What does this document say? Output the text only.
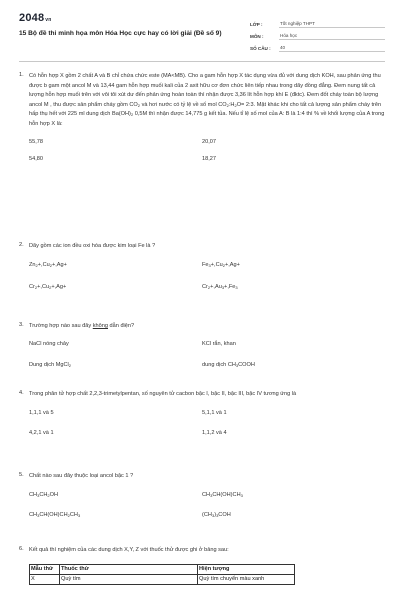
2048vn
15 Bộ đề thi minh họa môn Hóa Học cực hay có lời giải (Đề số 9)
LỚP :	Tốt nghiệp THPT
MÔN :	Hóa học
SỐ CÂU :	40
1. Có hỗn hợp X gồm 2 chất A và B chỉ chứa chức este (MA<MB). Cho a gam hỗn hợp X tác dụng vừa đủ với dung dịch KOH, sau phản ứng thu được b gam một ancol M và 13,44 gam hỗn hợp muối kali của 2 axit hữu cơ đơn chức liên tiếp nhau trong dãy đồng đẳng. Đem nung tất cả lượng hỗn hợp muối trên với vôi tôi xút dư đến phản ứng hoàn toàn thì nhận được 3,36 lít hỗn hợp khí E (đktc). Đem đốt cháy toàn bộ lượng ancol M , thu được sản phẩm cháy gồm $CO_2$ và hơi nước có tỷ lệ về số mol $CO_2:H_2O=$ 2:3. Mặt khác khi cho tất cả lượng sản phẩm cháy trên hấp thụ hết với 225 ml dung dịch $Ba(OH)_2$ 0,5M thì nhận được 14,775 g kết tủa. Nếu tỉ lệ số mol của A: B là 1:4 thì % về khối lượng của A trong hỗn hợp X là:
55,78	20,07
54,80	18,27
2. Dãy gồm các ion đều oxi hóa được kim loại Fe là ?
$Zn_2+,Cu_2+,Ag+$	$Fe_3+,Cu_2+,Ag+$
$Cr_2+,Cu_2+,Ag+$	$Cr_2+,Au_3+,Fe_3$
3. Trường hợp nào sau đây không dẫn điện?
NaCl nóng chảy	KCl rắn, khan
Dung dịch MgCl$_2$	dung dịch $CH_3COOH$
4. Trong phân tử hợp chất 2,2,3-trimetylpentan, số nguyên tử cacbon bậc I, bậc II, bậc III, bậc IV tương ứng là
1,1,1 và 5	5,1,1 và 1
4,2,1 và 1	1,1,2 và 4
5. Chất nào sau đây thuộc loại ancol bậc 1 ?
$CH_3CH_2OH$	$CH_3CH(OH)CH_3$
$CH_3CH(OH)CH_2CH_3$	$(CH_3)_3COH$
6. Kết quả thí nghiệm của các dung dịch X,Y, Z với thuốc thử được ghi ở bảng sau:
Mẫu thử	Thuốc thử	Hiện tượng
X	Quỳ tím	Quỳ tím chuyển màu xanh
